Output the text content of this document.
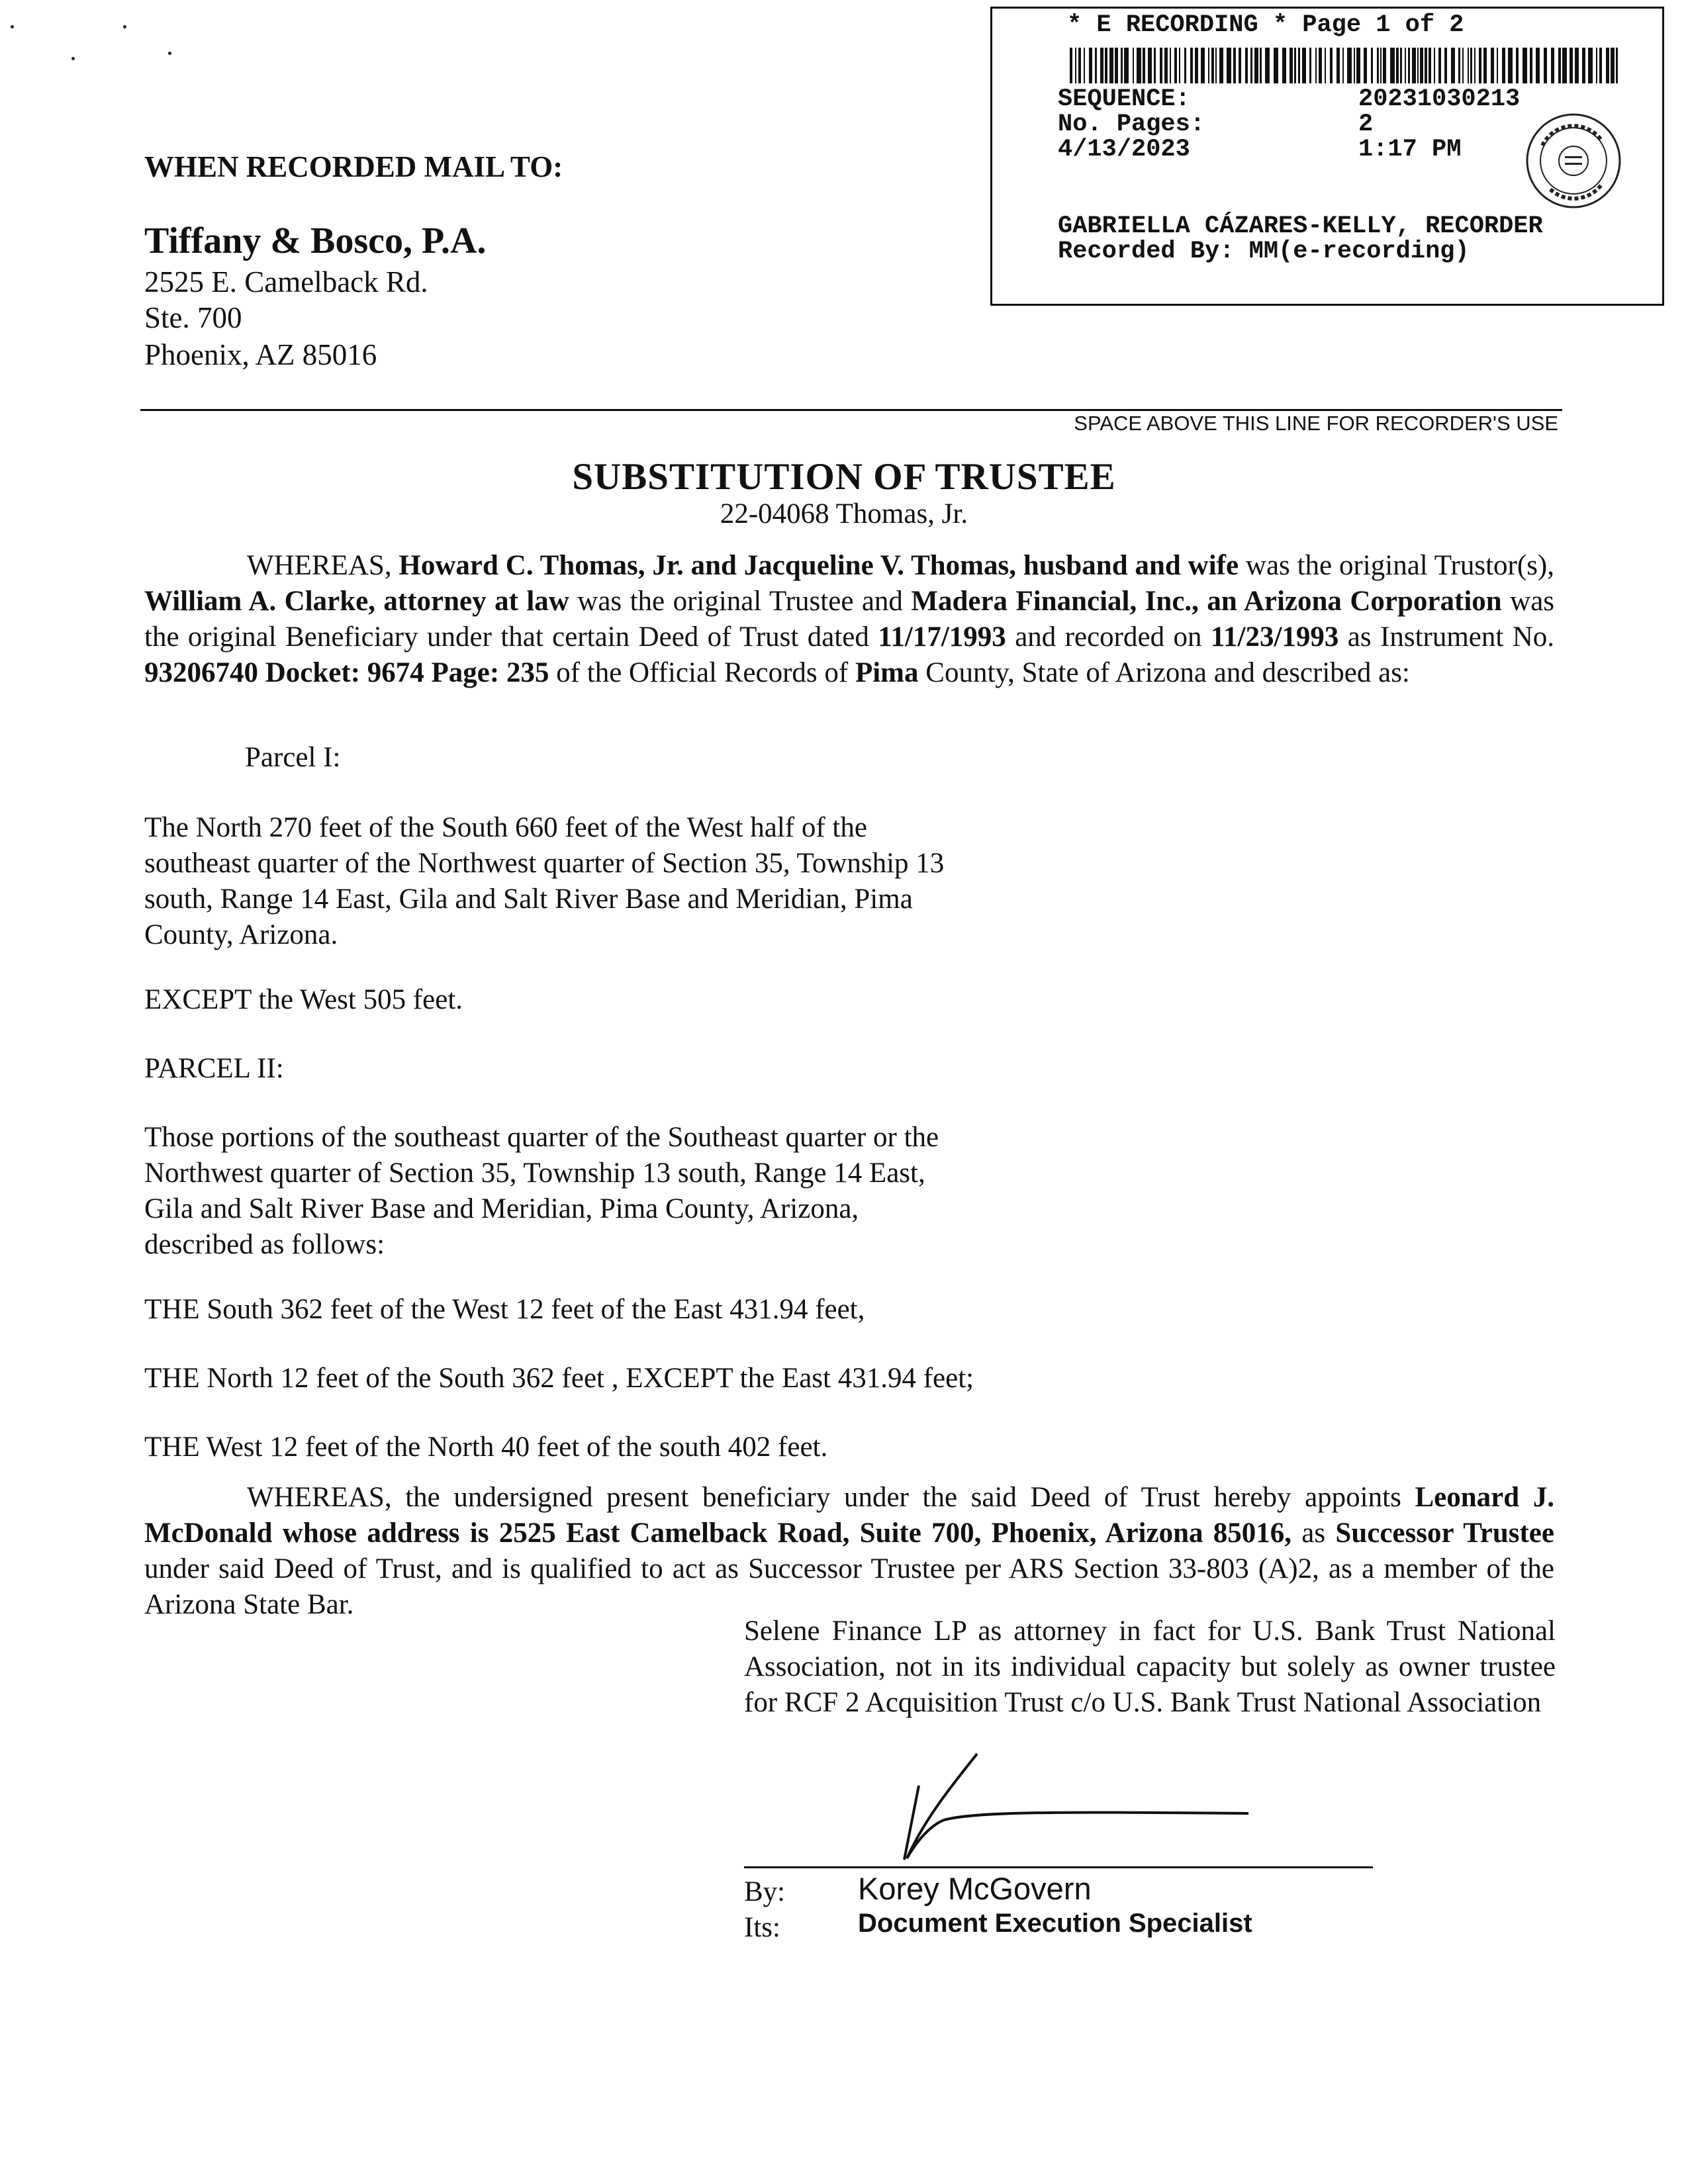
* E RECORDING * Page 1 of 2
SEQUENCE:	20231030213
No. Pages:	2
4/13/2023	1:17 PM
GABRIELLA CÁZARES-KELLY, RECORDER
Recorded By: MM(e-recording)
WHEN RECORDED MAIL TO:
Tiffany & Bosco, P.A.
2525 E. Camelback Rd.
Ste. 700
Phoenix, AZ 85016
SPACE ABOVE THIS LINE FOR RECORDER'S USE
SUBSTITUTION OF TRUSTEE
22-04068 Thomas, Jr.
WHEREAS, Howard C. Thomas, Jr. and Jacqueline V. Thomas, husband and wife was the original Trustor(s), William A. Clarke, attorney at law was the original Trustee and Madera Financial, Inc., an Arizona Corporation was the original Beneficiary under that certain Deed of Trust dated 11/17/1993 and recorded on 11/23/1993 as Instrument No. 93206740 Docket: 9674 Page: 235 of the Official Records of Pima County, State of Arizona and described as:
Parcel I:
The North 270 feet of the South 660 feet of the West half of the southeast quarter of the Northwest quarter of Section 35, Township 13 south, Range 14 East, Gila and Salt River Base and Meridian, Pima County, Arizona.
EXCEPT the West 505 feet.
PARCEL II:
Those portions of the southeast quarter of the Southeast quarter or the Northwest quarter of Section 35, Township 13 south, Range 14 East, Gila and Salt River Base and Meridian, Pima County, Arizona, described as follows:
THE South 362 feet of the West 12 feet of the East 431.94 feet,
THE North 12 feet of the South 362 feet , EXCEPT the East 431.94 feet;
THE West 12 feet of the North 40 feet of the south 402 feet.
WHEREAS, the undersigned present beneficiary under the said Deed of Trust hereby appoints Leonard J. McDonald whose address is 2525 East Camelback Road, Suite 700, Phoenix, Arizona 85016, as Successor Trustee under said Deed of Trust, and is qualified to act as Successor Trustee per ARS Section 33-803 (A)2, as a member of the Arizona State Bar.
Selene Finance LP as attorney in fact for U.S. Bank Trust National Association, not in its individual capacity but solely as owner trustee for RCF 2 Acquisition Trust c/o U.S. Bank Trust National Association
By: Korey McGovern
Its:	Document Execution Specialist
